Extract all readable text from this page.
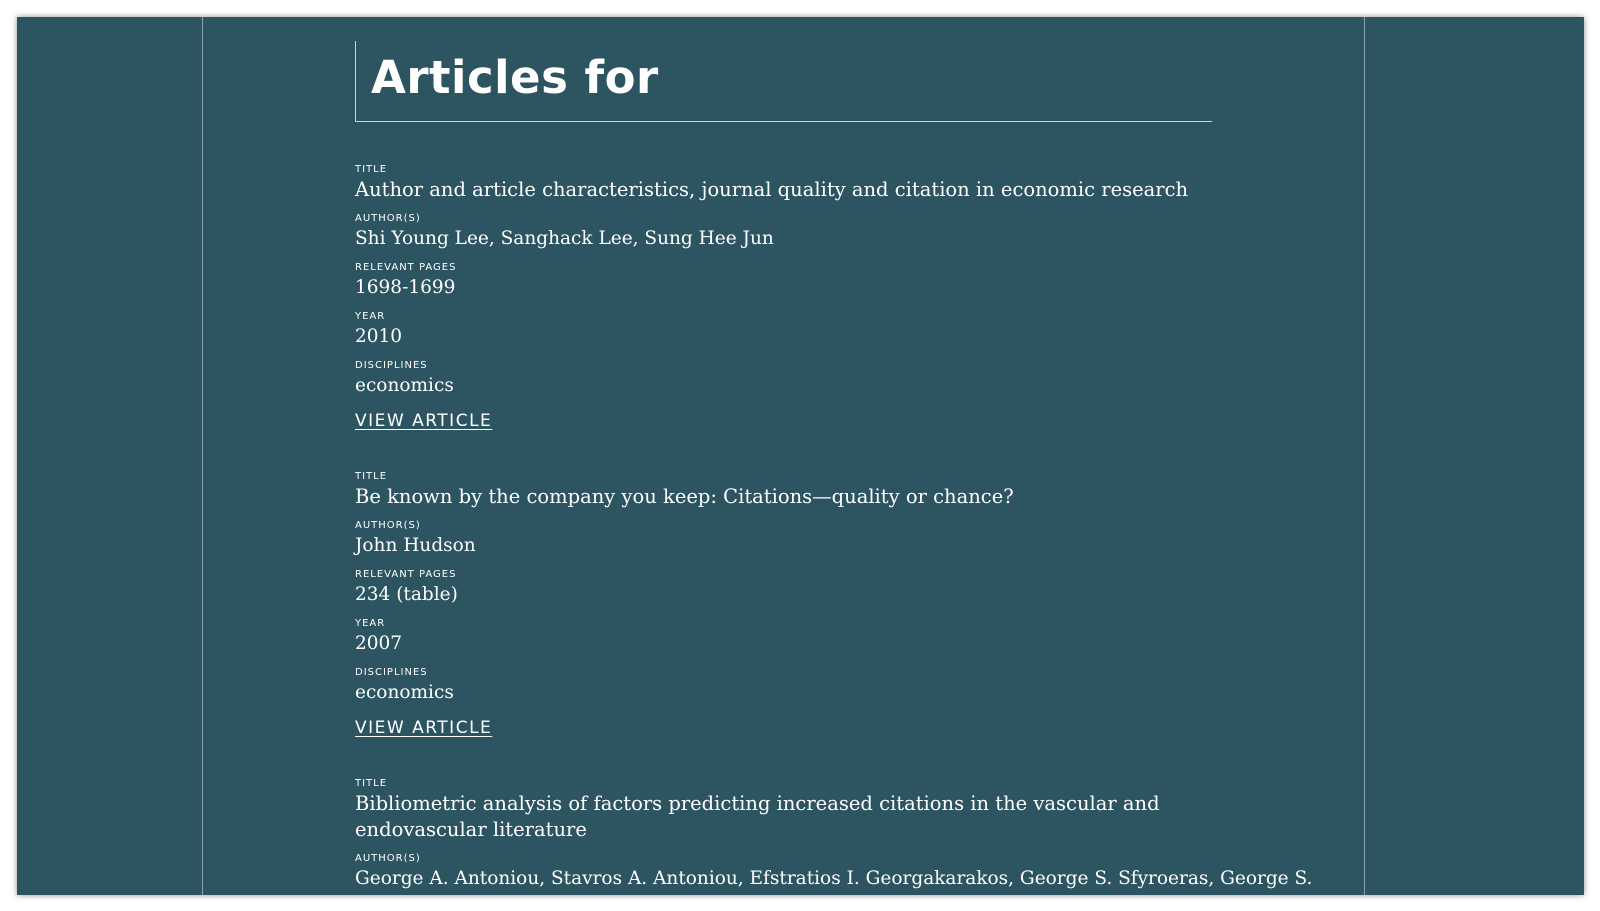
Articles for

TITLE

Author and article characteristics, journal quality and citation in economic research

AUTHOR(S)

Shi Young Lee, Sanghack Lee, Sung Hee Jun

RELEVANT PAGES

1698-1699

YEAR

2010

DISCIPLINES

economics

VIEW ARTICLE

TITLE

Be known by the company you keep: Citations—quality or chance?

AUTHOR(S)

John Hudson

RELEVANT PAGES

234 (table)

YEAR

2007

DISCIPLINES

economics

VIEW ARTICLE

TITLE

Bibliometric analysis of factors predicting increased citations in the vascular and endovascular literature

AUTHOR(S)

George A. Antoniou, Stavros A. Antoniou, Efstratios I. Georgakarakos, George S. Sfyroeras, George S.
